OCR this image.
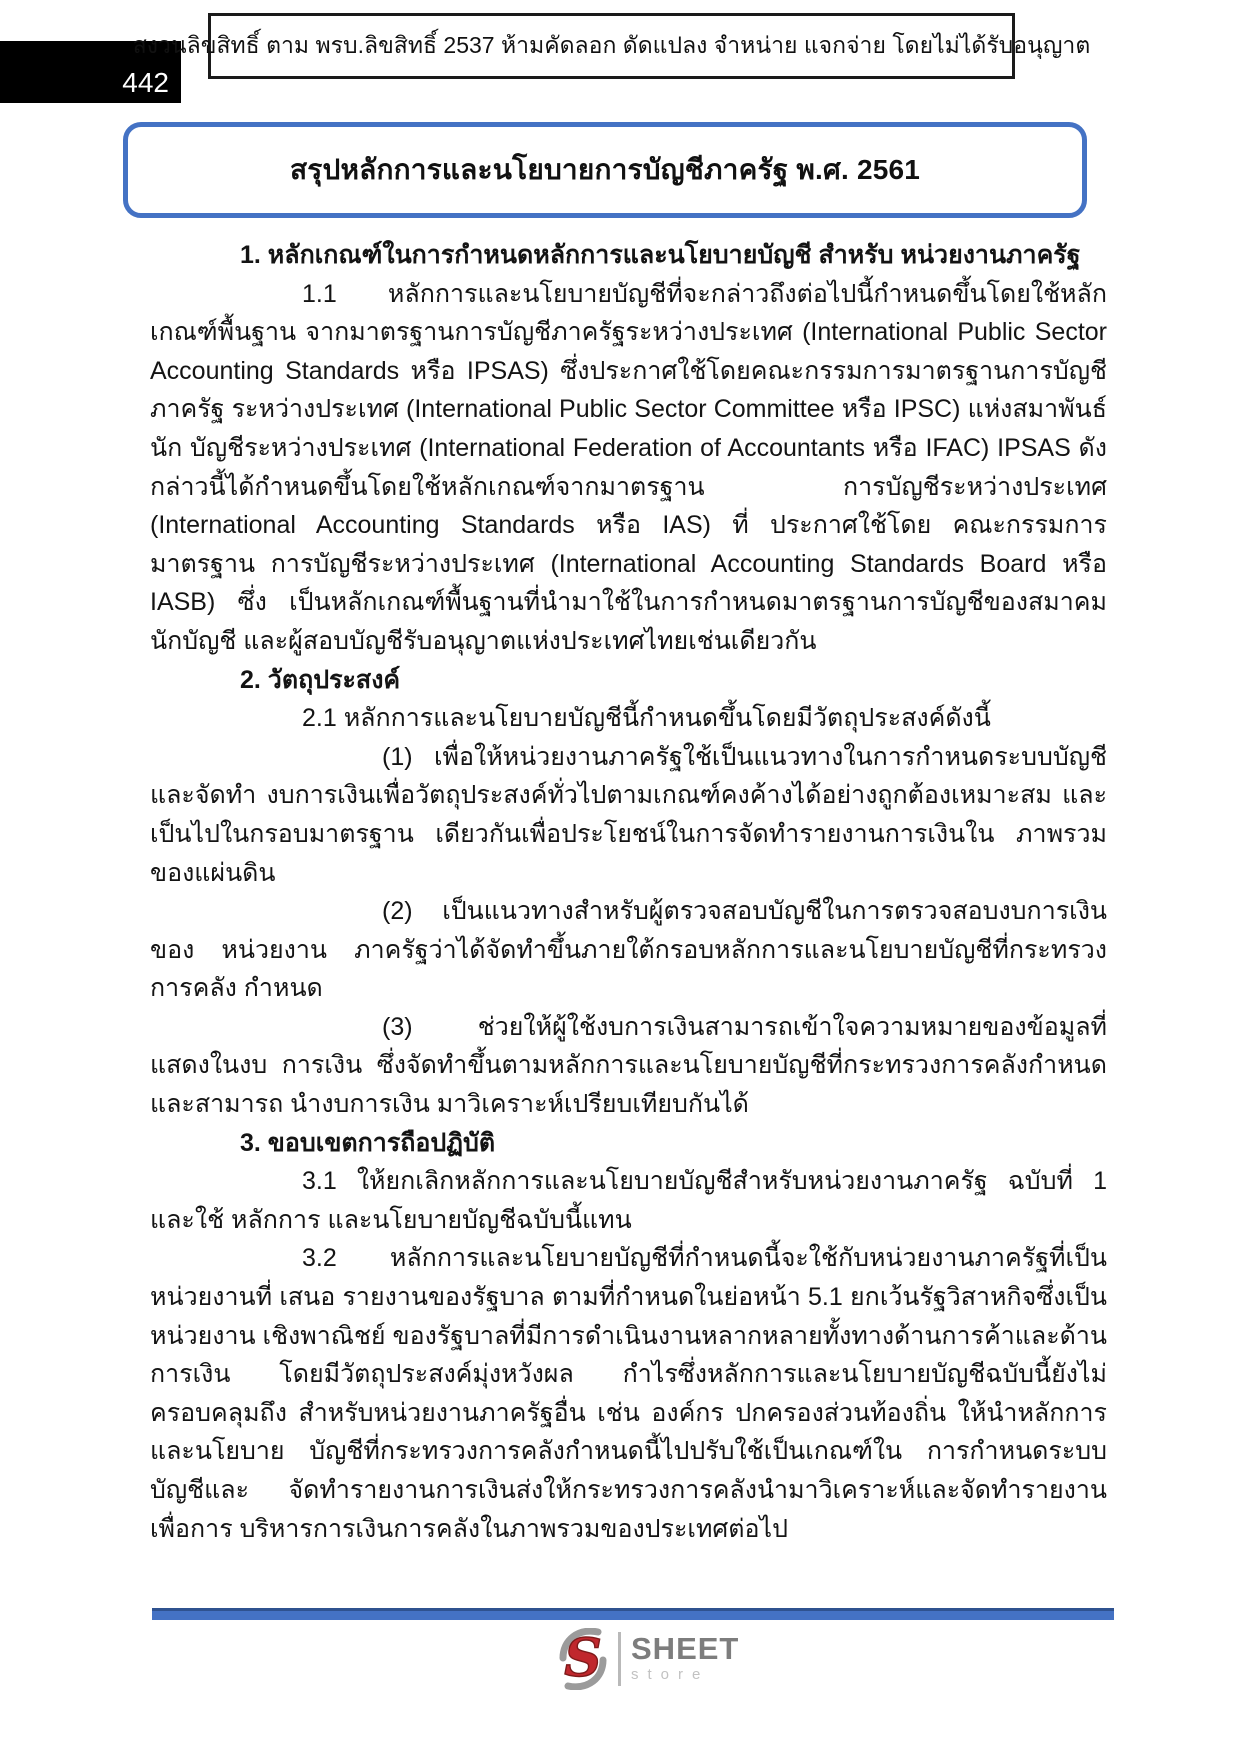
442
สงวนลิขสิทธิ์ ตาม พรบ.ลิขสิทธิ์ 2537 ห้ามคัดลอก ดัดแปลง จำหน่าย แจกจ่าย โดยไม่ได้รับอนุญาต
สรุปหลักการและนโยบายการบัญชีภาครัฐ พ.ศ. 2561
1. หลักเกณฑ์ในการกำหนดหลักการและนโยบายบัญชี สำหรับ หน่วยงานภาครัฐ

1.1 หลักการและนโยบายบัญชีที่จะกล่าวถึงต่อไปนี้กำหนดขึ้นโดยใช้หลักเกณฑ์พื้นฐาน จากมาตรฐานการบัญชีภาครัฐระหว่างประเทศ (International Public Sector Accounting Standards หรือ IPSAS) ซึ่งประกาศใช้โดยคณะกรรมการมาตรฐานการบัญชีภาครัฐ ระหว่างประเทศ (International Public Sector Committee หรือ IPSC) แห่งสมาพันธ์นัก บัญชีระหว่างประเทศ (International Federation of Accountants หรือ IFAC) IPSAS ดังกล่าวนี้ได้กำหนดขึ้นโดยใช้หลักเกณฑ์จากมาตรฐาน การบัญชีระหว่างประเทศ (International Accounting Standards หรือ IAS) ที่ ประกาศใช้โดย คณะกรรมการมาตรฐาน การบัญชีระหว่างประเทศ (International Accounting Standards Board หรือ IASB) ซึ่ง เป็นหลักเกณฑ์พื้นฐานที่นำมาใช้ในการกำหนดมาตรฐานการบัญชีของสมาคมนักบัญชี และผู้สอบบัญชีรับอนุญาตแห่งประเทศไทยเช่นเดียวกัน

2. วัตถุประสงค์

2.1 หลักการและนโยบายบัญชีนี้กำหนดขึ้นโดยมีวัตถุประสงค์ดังนี้

(1) เพื่อให้หน่วยงานภาครัฐใช้เป็นแนวทางในการกำหนดระบบบัญชี และจัดทำ งบการเงินเพื่อวัตถุประสงค์ทั่วไปตามเกณฑ์คงค้างได้อย่างถูกต้องเหมาะสม และเป็นไปในกรอบมาตรฐาน เดียวกันเพื่อประโยชน์ในการจัดทำรายงานการเงินใน ภาพรวมของแผ่นดิน

(2) เป็นแนวทางสำหรับผู้ตรวจสอบบัญชีในการตรวจสอบงบการเงินของ หน่วยงาน ภาครัฐว่าได้จัดทำขึ้นภายใต้กรอบหลักการและนโยบายบัญชีที่กระทรวงการคลัง กำหนด

(3) ช่วยให้ผู้ใช้งบการเงินสามารถเข้าใจความหมายของข้อมูลที่แสดงในงบ การเงิน ซึ่งจัดทำขึ้นตามหลักการและนโยบายบัญชีที่กระทรวงการคลังกำหนด และสามารถ นำงบการเงิน มาวิเคราะห์เปรียบเทียบกันได้

3. ขอบเขตการถือปฏิบัติ

3.1 ให้ยกเลิกหลักการและนโยบายบัญชีสำหรับหน่วยงานภาครัฐ ฉบับที่ 1 และใช้ หลักการ และนโยบายบัญชีฉบับนี้แทน

3.2 หลักการและนโยบายบัญชีที่กำหนดนี้จะใช้กับหน่วยงานภาครัฐที่เป็นหน่วยงานที่ เสนอ รายงานของรัฐบาล ตามที่กำหนดในย่อหน้า 5.1 ยกเว้นรัฐวิสาหกิจซึ่งเป็นหน่วยงาน เชิงพาณิชย์ ของรัฐบาลที่มีการดำเนินงานหลากหลายทั้งทางด้านการค้าและด้านการเงิน โดยมีวัตถุประสงค์มุ่งหวังผล กำไรซึ่งหลักการและนโยบายบัญชีฉบับนี้ยังไม่ครอบคลุมถึง สำหรับหน่วยงานภาครัฐอื่น เช่น องค์กร ปกครองส่วนท้องถิ่น ให้นำหลักการและนโยบาย บัญชีที่กระทรวงการคลังกำหนดนี้ไปปรับใช้เป็นเกณฑ์ใน การกำหนดระบบบัญชีและ จัดทำรายงานการเงินส่งให้กระทรวงการคลังนำมาวิเคราะห์และจัดทำรายงาน เพื่อการ บริหารการเงินการคลังในภาพรวมของประเทศต่อไป

S SHEET
store
